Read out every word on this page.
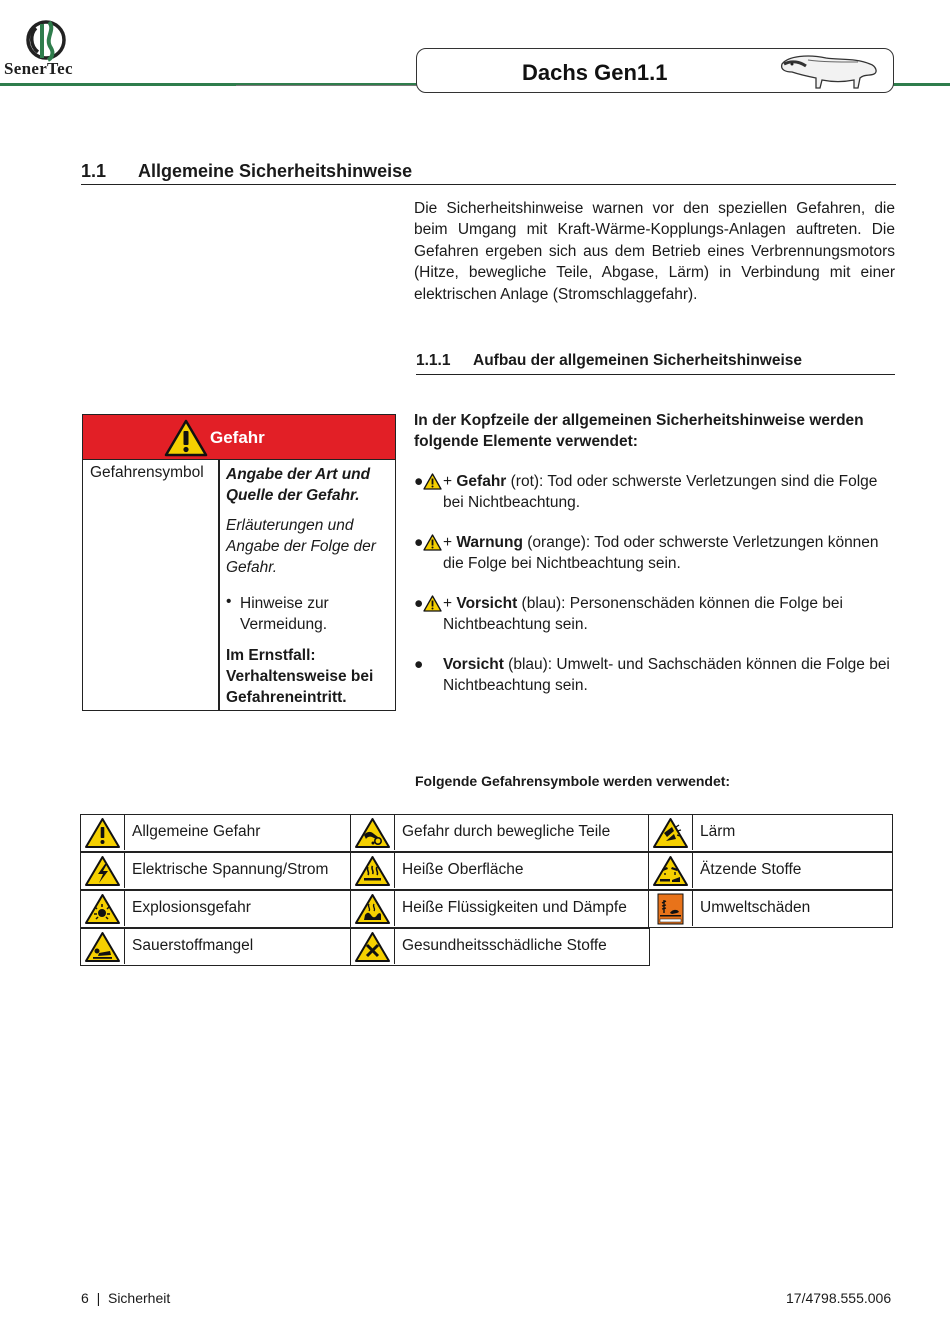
SenerTec	Dachs Gen1.1
1.1 Allgemeine Sicherheitshinweise
Die Sicherheitshinweise warnen vor den speziellen Gefahren, die beim Umgang mit Kraft-Wärme-Kopplungs-Anlagen auftreten. Die Gefahren ergeben sich aus dem Betrieb eines Verbrennungsmotors (Hitze, bewegliche Teile, Abgase, Lärm) in Verbindung mit einer elektrischen Anlage (Stromschlaggefahr).
1.1.1 Aufbau der allgemeinen Sicherheitshinweise
Gefahr
Gefahrensymbol Angabe der Art und Quelle der Gefahr.
Erläuterungen und Angabe der Folge der Gefahr.
• Hinweise zur Vermeidung.
Im Ernstfall: Verhaltensweise bei Gefahreneintritt.
In der Kopfzeile der allgemeinen Sicherheitshinweise werden folgende Elemente verwendet:
● + Gefahr (rot): Tod oder schwerste Verletzungen sind die Folge bei Nichtbeachtung.
● + Warnung (orange): Tod oder schwerste Verletzungen können die Folge bei Nichtbeachtung sein.
● + Vorsicht (blau): Personenschäden können die Folge bei Nichtbeachtung sein.
● Vorsicht (blau): Umwelt- und Sachschäden können die Folge bei Nichtbeachtung sein.
Folgende Gefahrensymbole werden verwendet:
Allgemeine Gefahr	Gefahr durch bewegliche Teile	Lärm
Elektrische Spannung/Strom	Heiße Oberfläche	Ätzende Stoffe
Explosionsgefahr	Heiße Flüssigkeiten und Dämpfe	Umweltschäden
Sauerstoffmangel	Gesundheitsschädliche Stoffe
6  |  Sicherheit	17/4798.555.006
